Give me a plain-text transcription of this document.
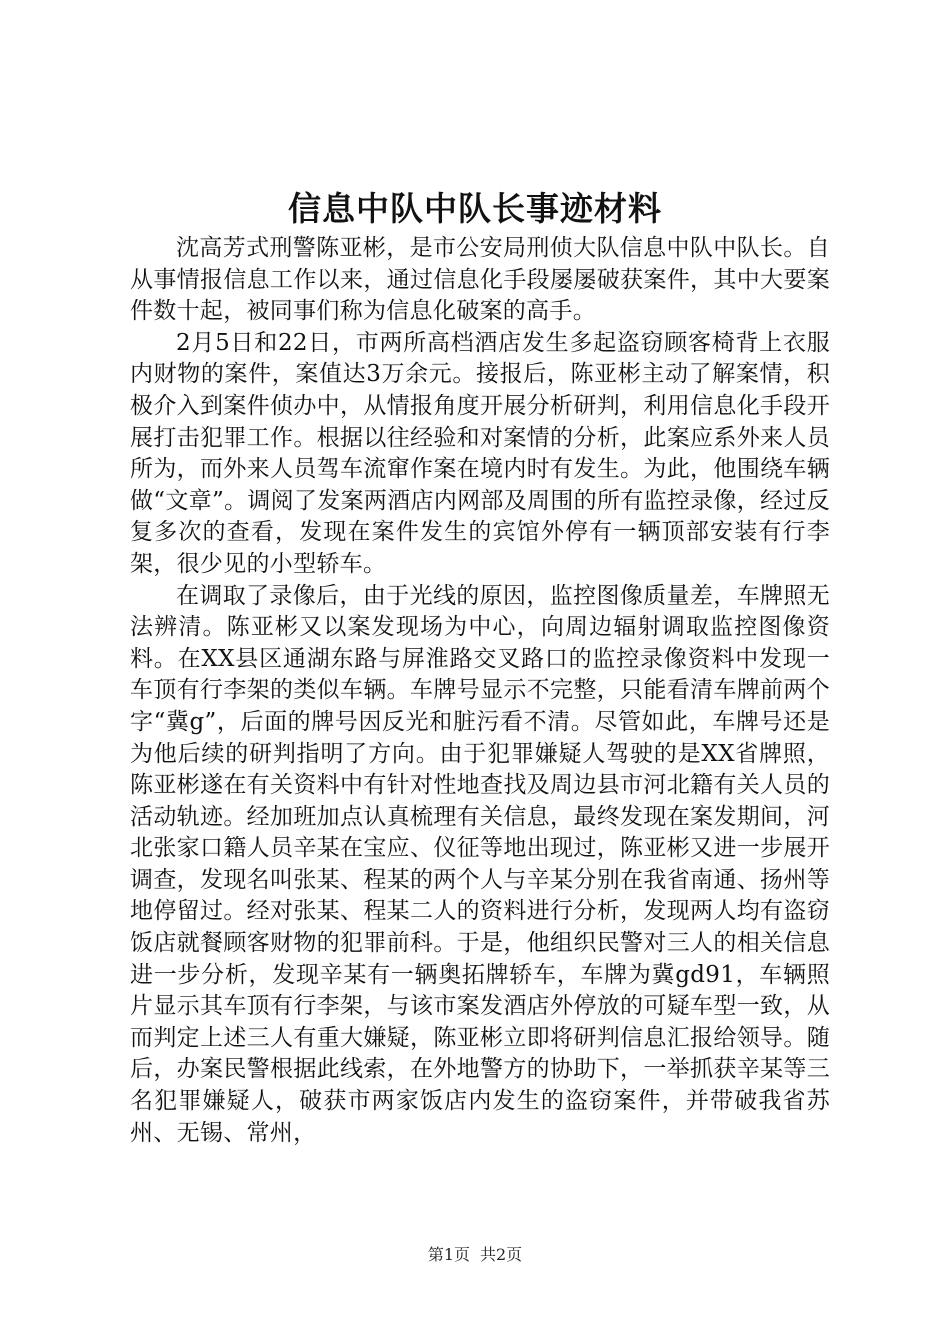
信息中队中队长事迹材料

沈高芳式刑警陈亚彬，是市公安局刑侦大队信息中队中队长。自从事情报信息工作以来，通过信息化手段屡屡破获案件，其中大要案件数十起，被同事们称为信息化破案的高手。

2月5日和22日，市两所高档酒店发生多起盗窃顾客椅背上衣服内财物的案件，案值达3万余元。接报后，陈亚彬主动了解案情，积极介入到案件侦办中，从情报角度开展分析研判，利用信息化手段开展打击犯罪工作。根据以往经验和对案情的分析，此案应系外来人员所为，而外来人员驾车流窜作案在境内时有发生。为此，他围绕车辆做“文章”。调阅了发案两酒店内网部及周围的所有监控录像，经过反复多次的查看，发现在案件发生的宾馆外停有一辆顶部安装有行李架，很少见的小型轿车。

在调取了录像后，由于光线的原因，监控图像质量差，车牌照无法辨清。陈亚彬又以案发现场为中心，向周边辐射调取监控图像资料。在XX县区通湖东路与屏淮路交叉路口的监控录像资料中发现一车顶有行李架的类似车辆。车牌号显示不完整，只能看清车牌前两个字“冀g”，后面的牌号因反光和脏污看不清。尽管如此，车牌号还是为他后续的研判指明了方向。由于犯罪嫌疑人驾驶的是XX省牌照，陈亚彬遂在有关资料中有针对性地查找及周边县市河北籍有关人员的活动轨迹。经加班加点认真梳理有关信息，最终发现在案发期间，河北张家口籍人员辛某在宝应、仪征等地出现过，陈亚彬又进一步展开调查，发现名叫张某、程某的两个人与辛某分别在我省南通、扬州等地停留过。经对张某、程某二人的资料进行分析，发现两人均有盗窃饭店就餐顾客财物的犯罪前科。于是，他组织民警对三人的相关信息进一步分析，发现辛某有一辆奥拓牌轿车，车牌为冀gd91，车辆照片显示其车顶有行李架，与该市案发酒店外停放的可疑车型一致，从而判定上述三人有重大嫌疑，陈亚彬立即将研判信息汇报给领导。随后，办案民警根据此线索，在外地警方的协助下，一举抓获辛某等三名犯罪嫌疑人，破获市两家饭店内发生的盗窃案件，并带破我省苏州、无锡、常州，

第1页 共2页
